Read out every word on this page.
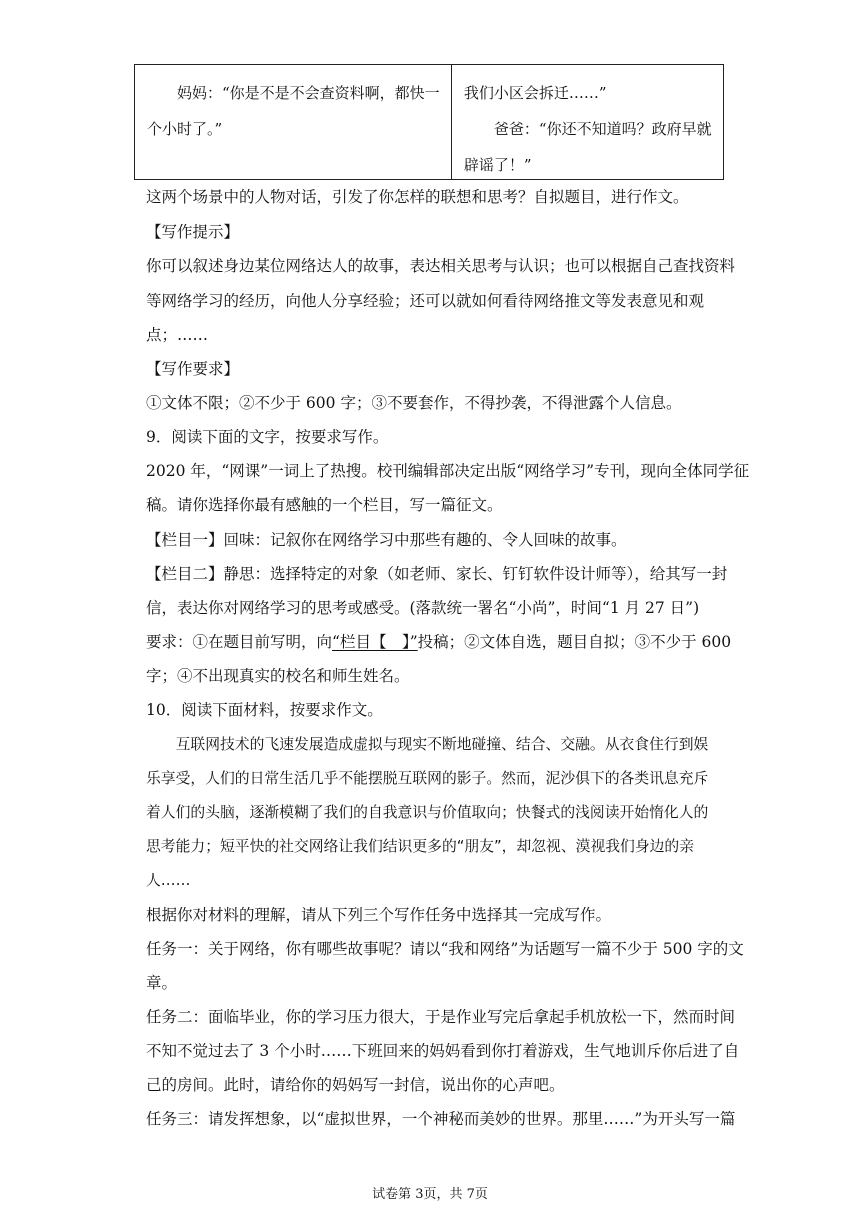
妈妈：“你是不是不会查资料啊，都快一
个小时了。”
我们小区会拆迁……”
爸爸：“你还不知道吗？政府早就
辟谣了！”
这两个场景中的人物对话，引发了你怎样的联想和思考？自拟题目，进行作文。
【写作提示】
你可以叙述身边某位网络达人的故事，表达相关思考与认识；也可以根据自己查找资料
等网络学习的经历，向他人分享经验；还可以就如何看待网络推文等发表意见和观
点；……
【写作要求】
①文体不限；②不少于 600 字；③不要套作，不得抄袭，不得泄露个人信息。
9．阅读下面的文字，按要求写作。
2020 年，“网课”一词上了热搜。校刊编辑部决定出版“网络学习”专刊，现向全体同学征
稿。请你选择你最有感触的一个栏目，写一篇征文。
【栏目一】回味：记叙你在网络学习中那些有趣的、令人回味的故事。
【栏目二】静思：选择特定的对象（如老师、家长、钉钉软件设计师等），给其写一封
信，表达你对网络学习的思考或感受。(落款统一署名“小尚”，时间“1 月 27 日”)
要求：①在题目前写明，向“栏目【　】”投稿；②文体自选，题目自拟；③不少于 600
字；④不出现真实的校名和师生姓名。
10．阅读下面材料，按要求作文。
　　互联网技术的飞速发展造成虚拟与现实不断地碰撞、结合、交融。从衣食住行到娱
乐享受，人们的日常生活几乎不能摆脱互联网的影子。然而，泥沙俱下的各类讯息充斥
着人们的头脑，逐渐模糊了我们的自我意识与价值取向；快餐式的浅阅读开始惰化人的
思考能力；短平快的社交网络让我们结识更多的“朋友”，却忽视、漠视我们身边的亲
人……
根据你对材料的理解，请从下列三个写作任务中选择其一完成写作。
任务一：关于网络，你有哪些故事呢？请以“我和网络”为话题写一篇不少于 500 字的文
章。
任务二：面临毕业，你的学习压力很大，于是作业写完后拿起手机放松一下，然而时间
不知不觉过去了 3 个小时……下班回来的妈妈看到你打着游戏，生气地训斥你后进了自
己的房间。此时，请给你的妈妈写一封信，说出你的心声吧。
任务三：请发挥想象，以“虚拟世界，一个神秘而美妙的世界。那里……”为开头写一篇
试卷第 3页，共 7页
